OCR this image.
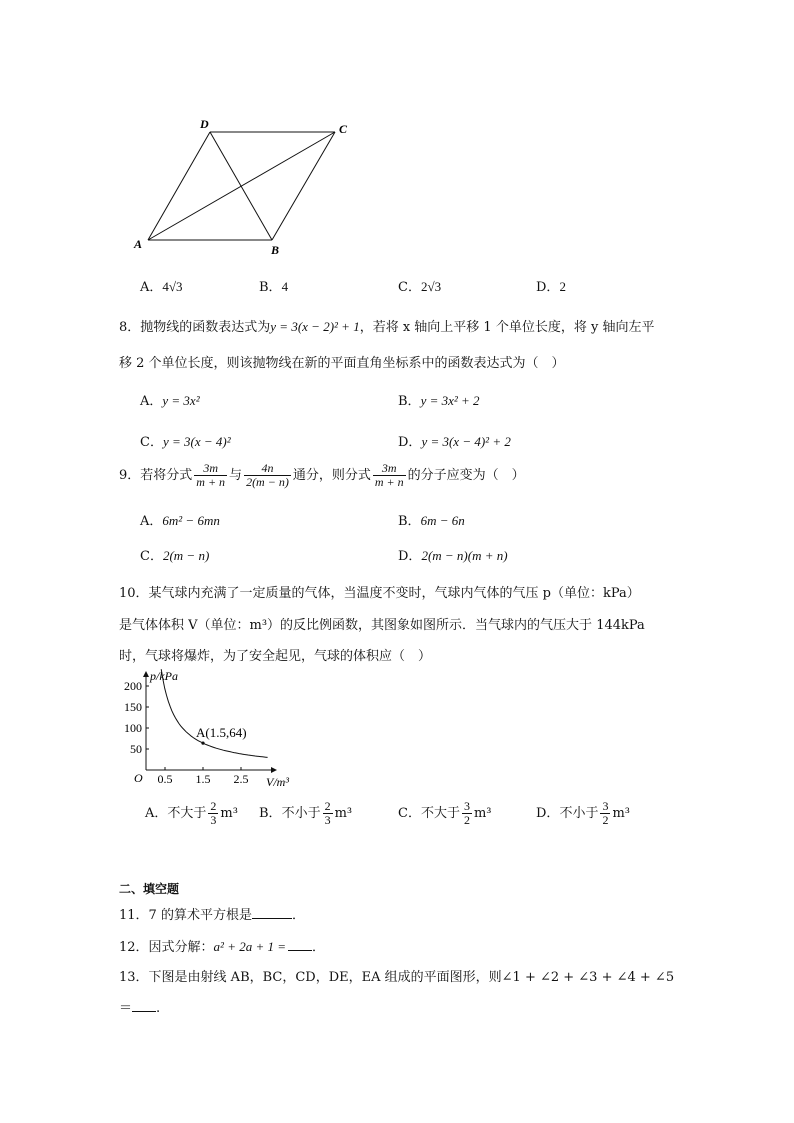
D	C
A	B
A．4√3	B．4	C．2√3	D．2
8．抛物线的函数表达式为y = 3(x − 2)² + 1，若将 x 轴向上平移 1 个单位长度，将 y 轴向左平
移 2 个单位长度，则该抛物线在新的平面直角坐标系中的函数表达式为（　）
A．y = 3x²	B．y = 3x² + 2
C．y = 3(x − 4)²	D．y = 3(x − 4)² + 2
9．若将分式 $\frac{3m}{m + n}$ 与 $\frac{4n}{2(m - n)}$ 通分，则分式 $\frac{3m}{m + n}$ 的分子应变为（　）
A．6m² − 6mn	B．6m − 6n
C．2(m − n)	D．2(m − n)(m + n)
10．某气球内充满了一定质量的气体，当温度不变时，气球内气体的气压 p（单位：kPa）
是气体体积 V（单位：m³）的反比例函数，其图象如图所示．当气球内的气压大于 144kPa
时，气球将爆炸，为了安全起见，气球的体积应（　）
p/kPa
V/m³
O 0.5 1.5 2.5
50
100
150
200
A(1.5,64)
A．不大于 $\frac{2}{3} m^3$ B．不小于 $\frac{2}{3} m^3$	C．不大于 $\frac{3}{2} m^3$	D．不小于 $\frac{3}{2} m^3$
二、填空题
11．7 的算术平方根是	．
12．因式分解：a² + 2a + 1 = ．
13．下图是由射线 AB，BC，CD，DE，EA 组成的平面图形，则∠1 + ∠2 + ∠3 + ∠4 + ∠5
＝ .
